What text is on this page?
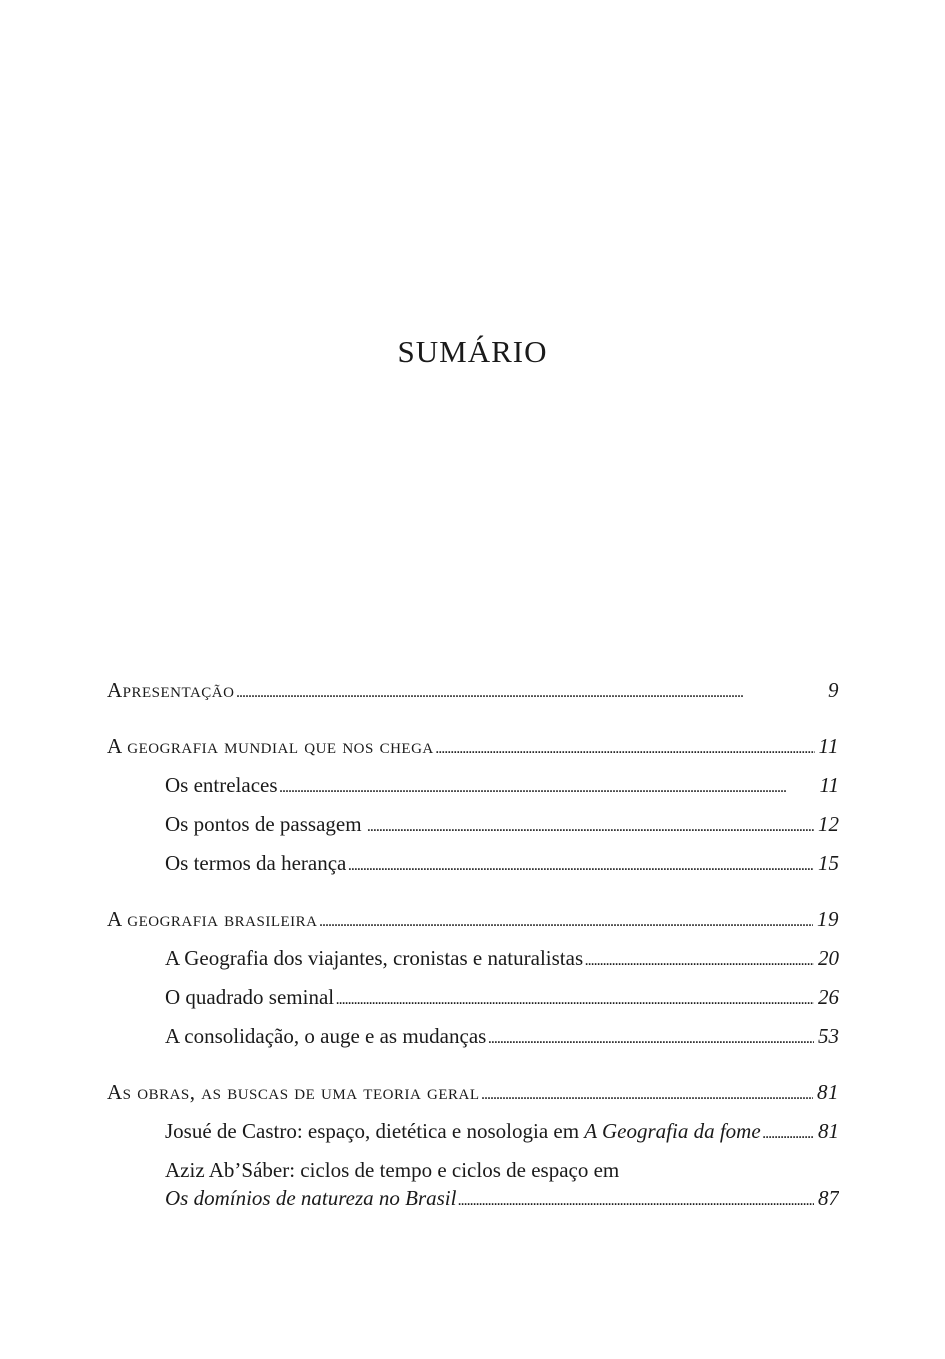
SUMÁRIO
Apresentação . . .	9
A geografia mundial que nos chega . . .	11
Os entrelaces . . .	11
Os pontos de passagem . . .	12
Os termos da herança . . .	15
A geografia brasileira . . .	19
A Geografia dos viajantes, cronistas e naturalistas . . .	20
O quadrado seminal . . .	26
A consolidação, o auge e as mudanças . . .	53
As obras, as buscas de uma teoria geral . . .	81
Josué de Castro: espaço, dietética e nosologia em A Geografia da fome . . .	81
Aziz Ab’Sáber: ciclos de tempo e ciclos de espaço em
Os domínios de natureza no Brasil . . .	87
